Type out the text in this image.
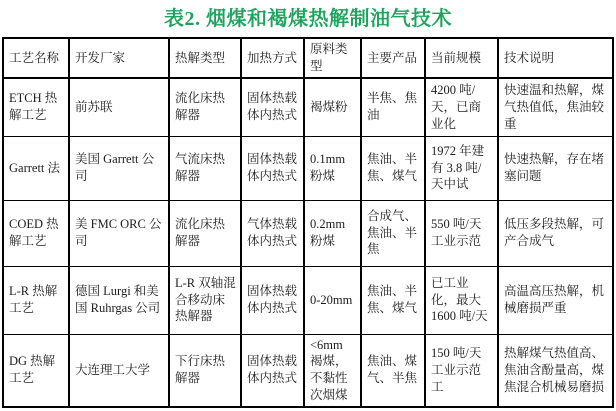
表2. 烟煤和褐煤热解制油气技术
工艺名称	开发厂家	热解类型	加热方式	原料类型	主要产品	当前规模	技术说明
ETCH 热解工艺	前苏联	流化床热解器	固体热载体内热式	褐煤粉	半焦、焦油	4200 吨/天，已商业化	快速温和热解，煤气热值低，焦油较重
Garrett 法	美国 Garrett 公司	气流床热解器	固体热载体内热式	0.1mm 粉煤	焦油、半焦、煤气	1972 年建有 3.8 吨/天中试	快速热解，存在堵塞问题
COED 热解工艺	美 FMC ORC 公司	流化床热解器	气体热载体内热式	0.2mm 粉煤	合成气、焦油、半焦	550 吨/天工业示范	低压多段热解，可产合成气
L-R 热解工艺	德国 Lurgi 和美国 Ruhrgas 公司	L-R 双轴混合移动床热解器	固体热载体内热式	0-20mm	焦油、半焦、煤气	已工业化，最大 1600 吨/天	高温高压热解，机械磨损严重
DG 热解工艺	大连理工大学	下行床热解器	固体热载体内热式	<6mm 褐煤，不黏性次烟煤	焦油、煤气、半焦	150 吨/天工业示范工	热解煤气热值高、焦油含酚量高，煤焦混合机械易磨损
